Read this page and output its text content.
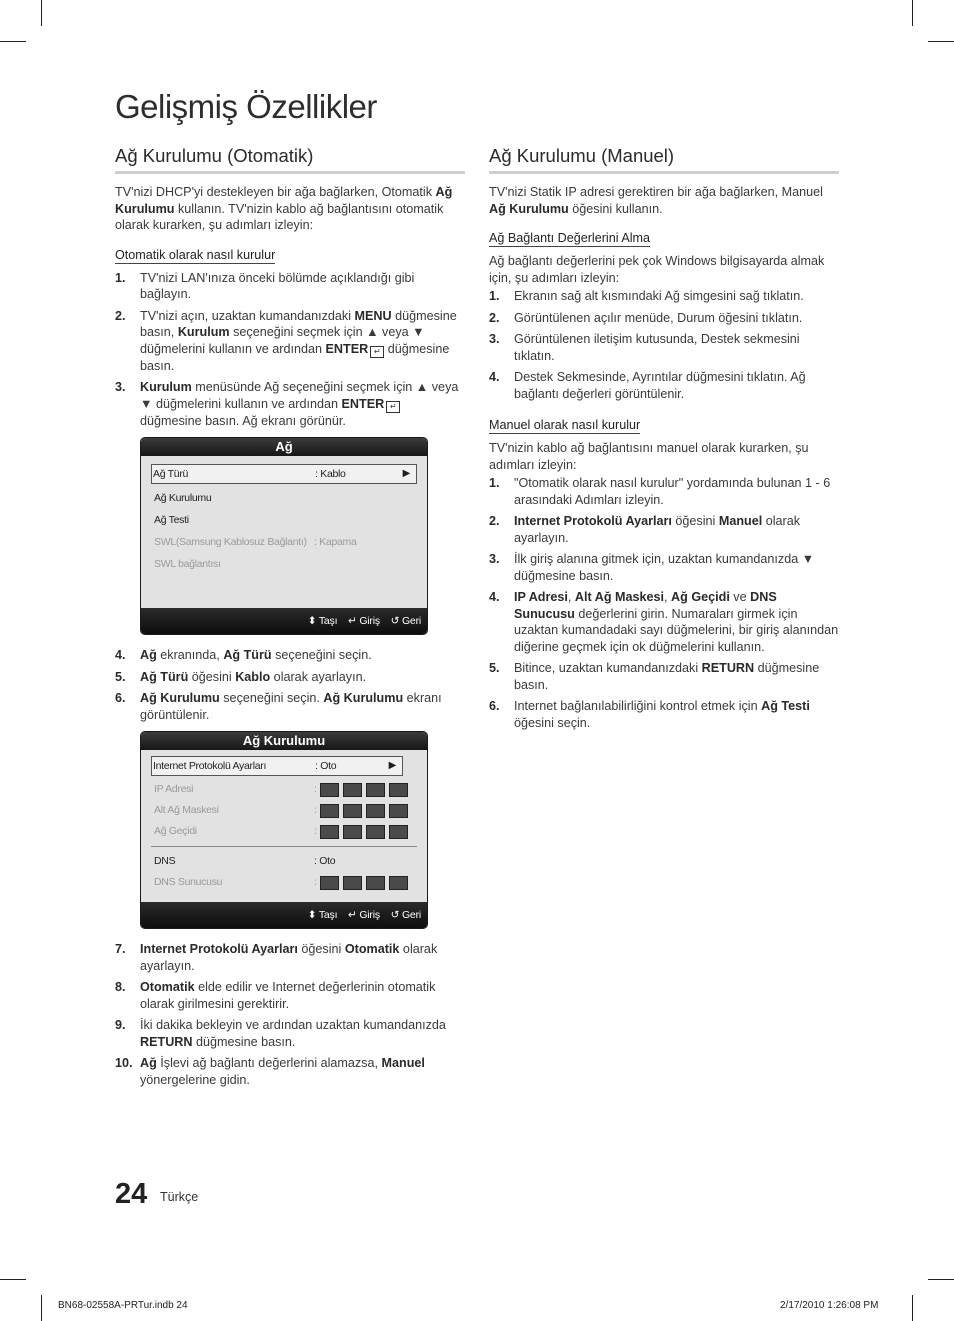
Gelişmiş Özellikler
Ağ Kurulumu (Otomatik)

TV'nizi DHCP'yi destekleyen bir ağa bağlarken, Otomatik Ağ Kurulumu kullanın. TV'nizin kablo ağ bağlantısını otomatik olarak kurarken, şu adımları izleyin:

Otomatik olarak nasıl kurulur
1. TV'nizi LAN'ınıza önceki bölümde açıklandığı gibi bağlayın.
2. TV'nizi açın, uzaktan kumandanızdaki MENU düğmesine basın, Kurulum seçeneğini seçmek için ▲ veya ▼ düğmelerini kullanın ve ardından ENTER ↵ düğmesine basın.
3. Kurulum menüsünde Ağ seçeneğini seçmek için ▲ veya ▼ düğmelerini kullanın ve ardından ENTER ↵ düğmesine basın. Ağ ekranı görünür.
Ağ
Ağ Türü	: Kablo	▶
Ağ Kurulumu
Ağ Testi
SWL(Samsung Kablosuz Bağlantı) : Kapama
SWL bağlantısı
⬍ Taşı ↵ Giriş ↺ Geri
4. Ağ ekranında, Ağ Türü seçeneğini seçin.
5. Ağ Türü öğesini Kablo olarak ayarlayın.
6. Ağ Kurulumu seçeneğini seçin. Ağ Kurulumu ekranı görüntülenir.
Ağ Kurulumu
Internet Protokolü Ayarları	: Oto	▶
IP Adresi	:
Alt Ağ Maskesi	:
Ağ Geçidi	:
DNS	: Oto
DNS Sunucusu	:
⬍ Taşı ↵ Giriş ↺ Geri
7. Internet Protokolü Ayarları öğesini Otomatik olarak ayarlayın.
8. Otomatik elde edilir ve Internet değerlerinin otomatik olarak girilmesini gerektirir.
9. İki dakika bekleyin ve ardından uzaktan kumandanızda RETURN düğmesine basın.
10. Ağ İşlevi ağ bağlantı değerlerini alamazsa, Manuel yönergelerine gidin.
Ağ Kurulumu (Manuel)

TV'nizi Statik IP adresi gerektiren bir ağa bağlarken, Manuel Ağ Kurulumu öğesini kullanın.

Ağ Bağlantı Değerlerini Alma

Ağ bağlantı değerlerini pek çok Windows bilgisayarda almak için, şu adımları izleyin:

1. Ekranın sağ alt kısmındaki Ağ simgesini sağ tıklatın.
2. Görüntülenen açılır menüde, Durum öğesini tıklatın.
3. Görüntülenen iletişim kutusunda, Destek sekmesini tıklatın.
4. Destek Sekmesinde, Ayrıntılar düğmesini tıklatın. Ağ bağlantı değerleri görüntülenir.
Manuel olarak nasıl kurulur

TV'nizin kablo ağ bağlantısını manuel olarak kurarken, şu adımları izleyin:

1. "Otomatik olarak nasıl kurulur" yordamında bulunan 1 - 6 arasındaki Adımları izleyin.
2. Internet Protokolü Ayarları öğesini Manuel olarak ayarlayın.
3. İlk giriş alanına gitmek için, uzaktan kumandanızda ▼ düğmesine basın.
4. IP Adresi, Alt Ağ Maskesi, Ağ Geçidi ve DNS Sunucusu değerlerini girin. Numaraları girmek için uzaktan kumandadaki sayı düğmelerini, bir giriş alanından diğerine geçmek için ok düğmelerini kullanın.
5. Bitince, uzaktan kumandanızdaki RETURN düğmesine basın.
6. Internet bağlanılabilirliğini kontrol etmek için Ağ Testi öğesini seçin.
24 Türkçe
BN68-02558A-PRTur.indb 24	2/17/2010 1:26:08 PM
